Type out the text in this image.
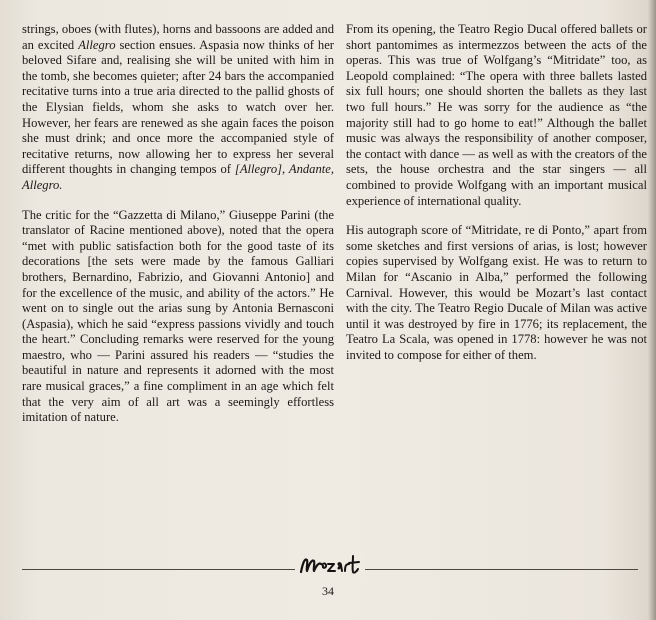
strings, oboes (with flutes), horns and bassoons are added and an excited Allegro section ensues. Aspasia now thinks of her beloved Sifare and, realising she will be united with him in the tomb, she becomes quieter; after 24 bars the accompanied recitative turns into a true aria directed to the pallid ghosts of the Elysian fields, whom she asks to watch over her. However, her fears are renewed as she again faces the poison she must drink; and once more the accompanied style of recitative returns, now allowing her to express her several different thoughts in changing tempos of [Allegro], Andante, Allegro.

The critic for the “Gazzetta di Milano,” Giuseppe Parini (the translator of Racine mentioned above), noted that the opera “met with public satisfaction both for the good taste of its decorations [the sets were made by the famous Galliari brothers, Bernardino, Fabrizio, and Giovanni Antonio] and for the excellence of the music, and ability of the actors.” He went on to single out the arias sung by Antonia Bernasconi (Aspasia), which he said “express passions vividly and touch the heart.” Concluding remarks were reserved for the young maestro, who — Parini assured his readers — “studies the beautiful in nature and represents it adorned with the most rare musical graces,” a fine compliment in an age which felt that the very aim of all art was a seemingly effortless imitation of nature.

From its opening, the Teatro Regio Ducal offered ballets or short pantomimes as intermezzos between the acts of the operas. This was true of Wolfgang’s “Mitridate” too, as Leopold complained: “The opera with three ballets lasted six full hours; one should shorten the ballets as they last two full hours.” He was sorry for the audience as “the majority still had to go home to eat!” Although the ballet music was always the responsibility of another composer, the contact with dance — as well as with the creators of the sets, the house orchestra and the star singers — all combined to provide Wolfgang with an important musical experience of international quality.

His autograph score of “Mitridate, re di Ponto,” apart from some sketches and first versions of arias, is lost; however copies supervised by Wolfgang exist. He was to return to Milan for “Ascanio in Alba,” performed the following Carnival. However, this would be Mozart’s last contact with the city. The Teatro Regio Ducale of Milan was active until it was destroyed by fire in 1776; its replacement, the Teatro La Scala, was opened in 1778: however he was not invited to compose for either of them.

34
